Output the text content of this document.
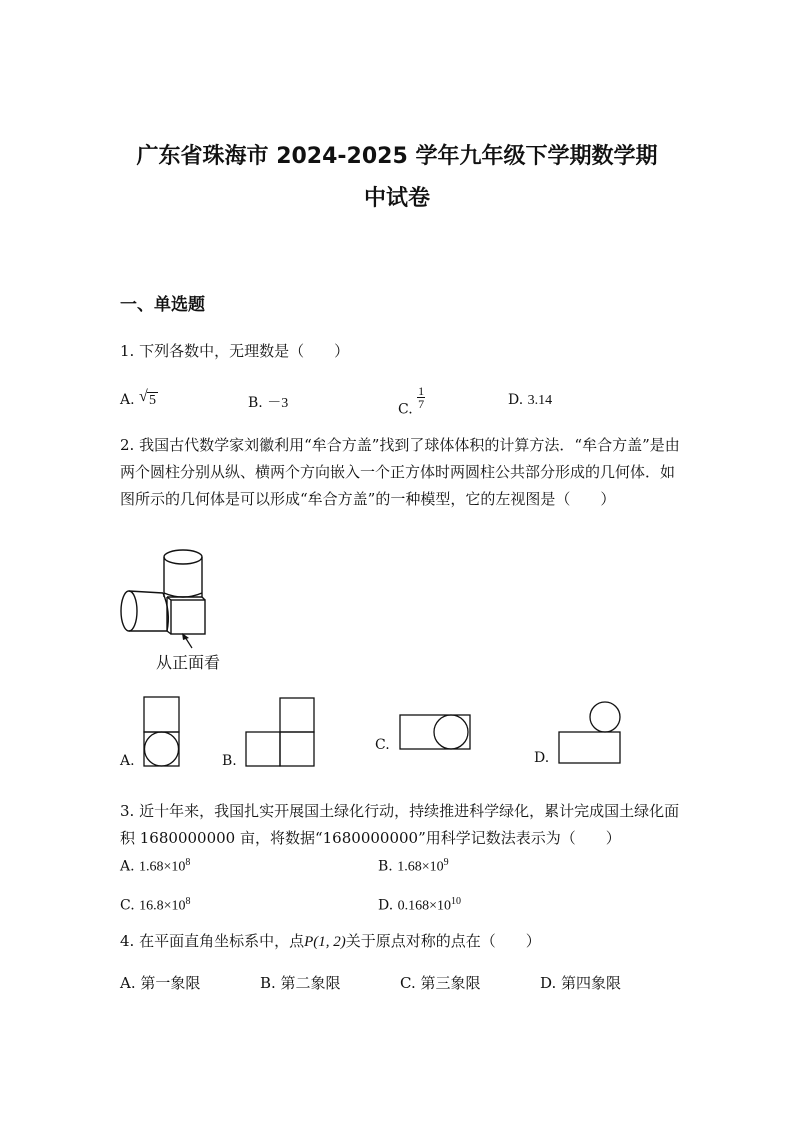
广东省珠海市 2024-2025 学年九年级下学期数学期
中试卷
一、单选题
1. 下列各数中，无理数是（　　）
A. √ 5	B. －3	C. $\frac{1}{7}$	D. 3.14
2. 我国古代数学家刘徽利用“牟合方盖”找到了球体体积的计算方法．“牟合方盖”是由两个圆柱分别从纵、横两个方向嵌入一个正方体时两圆柱公共部分形成的几何体．如图所示的几何体是可以形成“牟合方盖”的一种模型，它的左视图是（　　）
从正面看
A.	B.
C.
D.
3. 近十年来，我国扎实开展国土绿化行动，持续推进科学绿化，累计完成国土绿化面积 1680000000 亩，将数据“1680000000”用科学记数法表示为（　　）
A. $1.68\times 10^8$	B. $1.68\times 10^9$
C. $16.8\times 10^8$	D. $0.168\times 10^{10}$
4. 在平面直角坐标系中，点P(1, 2)关于原点对称的点在（　　）
A. 第一象限	B. 第二象限	C. 第三象限	D. 第四象限
